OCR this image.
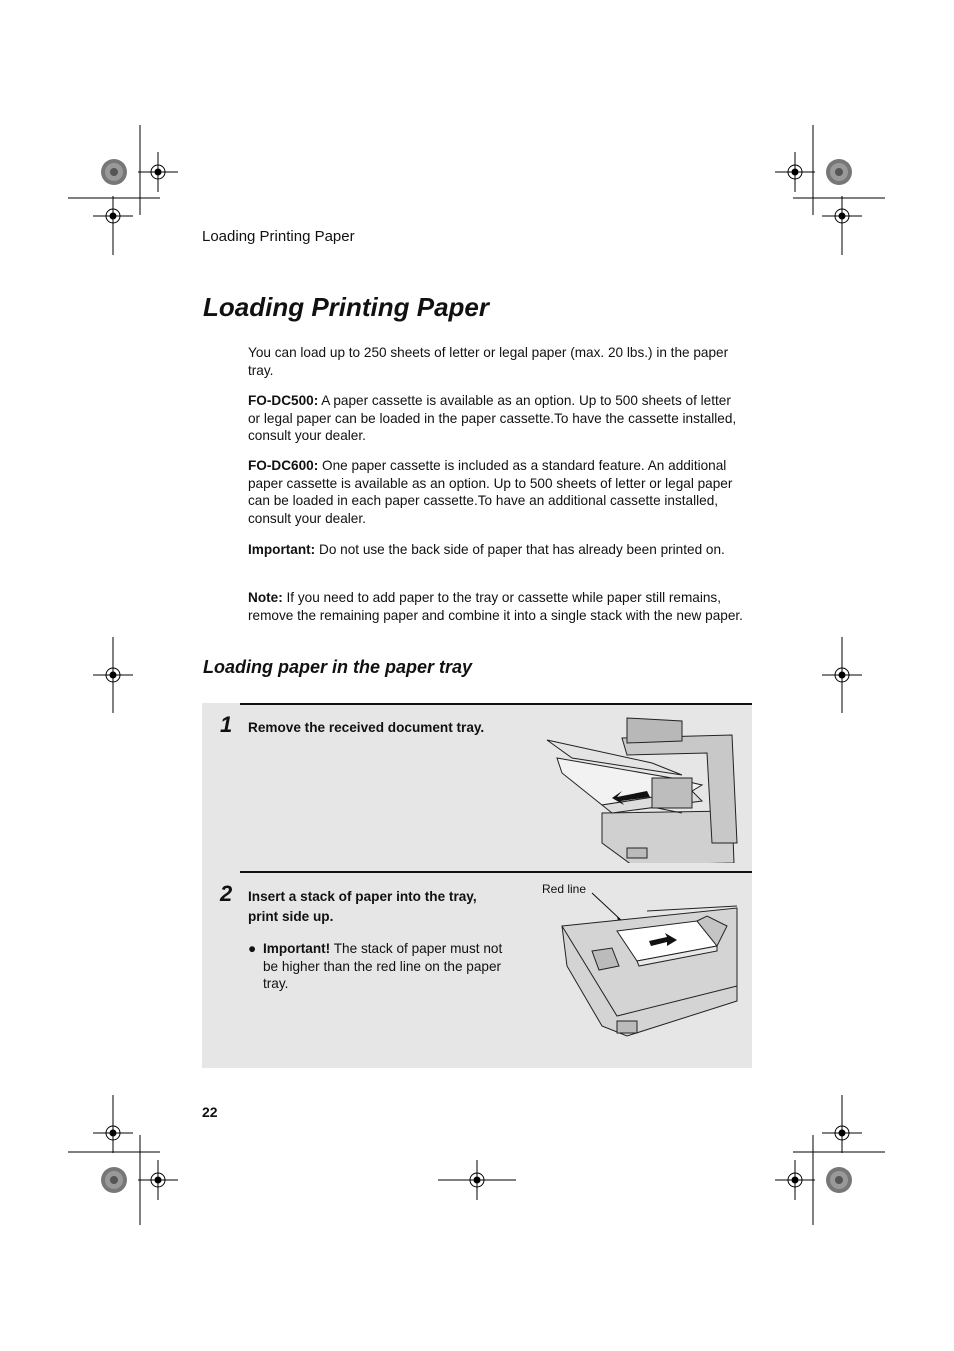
Loading Printing Paper
Loading Printing Paper

You can load up to 250 sheets of letter or legal paper (max. 20 lbs.) in the paper tray.

FO-DC500: A paper cassette is available as an option. Up to 500 sheets of letter or legal paper can be loaded in the paper cassette.To have the cassette installed, consult your dealer.

FO-DC600: One paper cassette is included as a standard feature. An additional paper cassette is available as an option. Up to 500 sheets of letter or legal paper can be loaded in each paper cassette.To have an additional cassette installed, consult your dealer.

Important: Do not use the back side of paper that has already been printed on.

Note: If you need to add paper to the tray or cassette while paper still remains, remove the remaining paper and combine it into a single stack with the new paper.

Loading paper in the paper tray
1 Remove the received document tray.
2 Insert a stack of paper into the tray,
print side up.
● Important! The stack of paper must not be higher than the red line on the paper tray.
Red line
22
